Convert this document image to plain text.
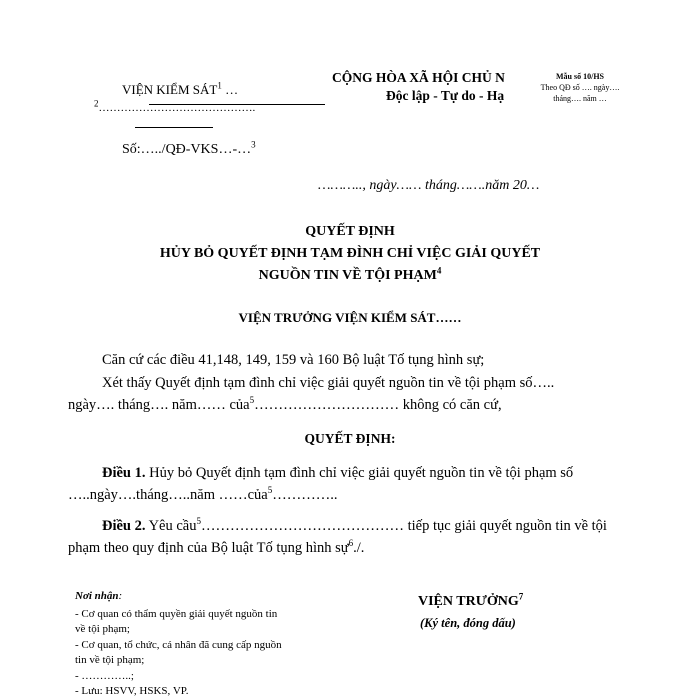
VIỆN KIỂM SÁT$^1$ …
$^2$…………………………………….
Số:…../QĐ-VKS…-…$^3$
CỘNG HÒA XÃ HỘI CHỦ N
Độc lập - Tự do - Hạ
Mẫu số 10/HS
Theo QĐ số …. ngày….
tháng…. năm …
……….., ngày…… tháng…….năm 20…
QUYẾT ĐỊNH
HỦY BỎ QUYẾT ĐỊNH TẠM ĐÌNH CHỈ VIỆC GIẢI QUYẾT
NGUỒN TIN VỀ TỘI PHẠM$^4$
VIỆN TRƯỞNG VIỆN KIỂM SÁT……
Căn cứ các điều 41,148, 149, 159 và 160 Bộ luật Tố tụng hình sự;
Xét thấy Quyết định tạm đình chỉ việc giải quyết nguồn tin về tội phạm số…..
ngày…. tháng…. năm…… của$^5$………………………… không có căn cứ,
QUYẾT ĐỊNH:
Điều 1. Hủy bỏ Quyết định tạm đình chỉ việc giải quyết nguồn tin về tội phạm số
…..ngày….tháng…..năm ……của$^5$…………..
Điều 2. Yêu cầu$^5$…………………………………… tiếp tục giải quyết nguồn tin về tội
phạm theo quy định của Bộ luật Tố tụng hình sự$^6$./.
Nơi nhận:
- Cơ quan có thẩm quyền giải quyết nguồn tin
về tội phạm;
- Cơ quan, tổ chức, cá nhân đã cung cấp nguồn
tin về tội phạm;
- …………..;
- Lưu: HSVV, HSKS, VP.
VIỆN TRƯỞNG$^7$
(Ký tên, đóng dấu)
